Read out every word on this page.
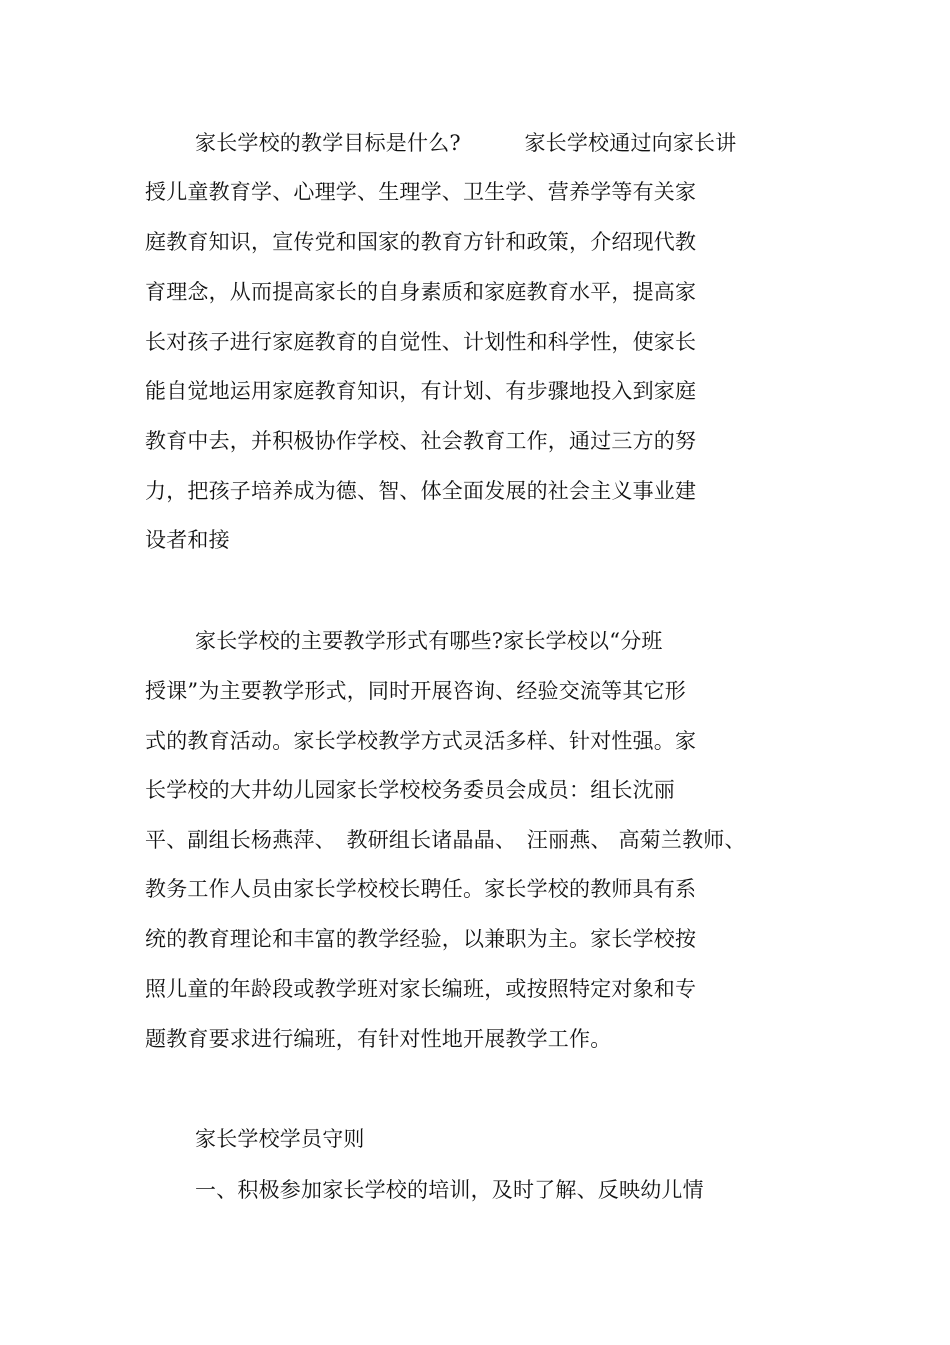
家长学校的教学目标是什么?　　　家长学校通过向家长讲
授儿童教育学、心理学、生理学、卫生学、营养学等有关家
庭教育知识，宣传党和国家的教育方针和政策，介绍现代教
育理念，从而提高家长的自身素质和家庭教育水平，提高家
长对孩子进行家庭教育的自觉性、计划性和科学性，使家长
能自觉地运用家庭教育知识，有计划、有步骤地投入到家庭
教育中去，并积极协作学校、社会教育工作，通过三方的努
力，把孩子培养成为德、智、体全面发展的社会主义事业建
设者和接
家长学校的主要教学形式有哪些?家长学校以“分班
授课”为主要教学形式，同时开展咨询、经验交流等其它形
式的教育活动。家长学校教学方式灵活多样、针对性强。家
长学校的大井幼儿园家长学校校务委员会成员：组长沈丽
平、副组长杨燕萍、　教研组长诸晶晶、　汪丽燕、 高菊兰教师、
教务工作人员由家长学校校长聘任。家长学校的教师具有系
统的教育理论和丰富的教学经验，以兼职为主。家长学校按
照儿童的年龄段或教学班对家长编班，或按照特定对象和专
题教育要求进行编班，有针对性地开展教学工作。
家长学校学员守则
一、积极参加家长学校的培训，及时了解、反映幼儿情
